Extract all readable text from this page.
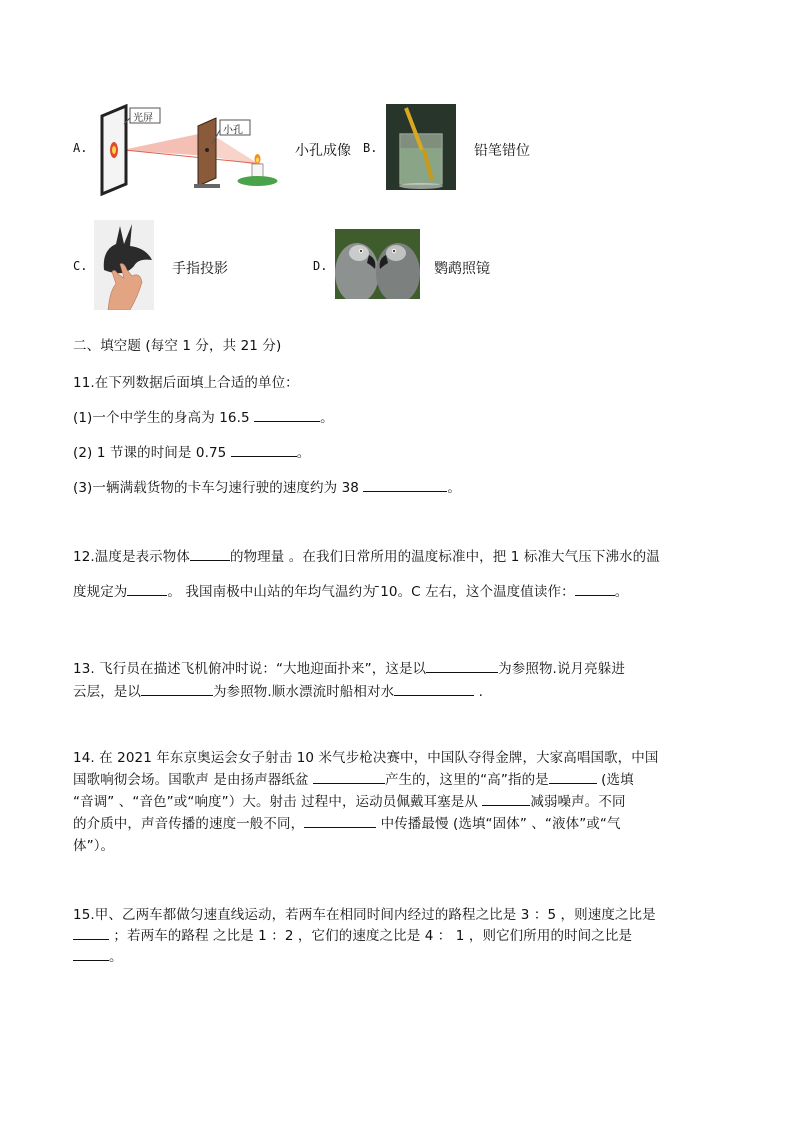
A.
光屏
小孔
小孔成像 B.	铅笔错位
C.	手指投影	D.	鹦鹉照镜
二、填空题 (每空 1 分，共 21 分)
11.在下列数据后面填上合适的单位：
(1)一个中学生的身高为 16.5	。
(2) 1 节课的时间是 0.75	。
(3)一辆满载货物的卡车匀速行驶的速度约为 38	。
12.温度是表示物体	的物理量 。在我们日常所用的温度标准中，把 1 标准大气压下沸水的温
度规定为	。 我国南极中山站的年均气温约为 ̄10。C 左右，这个温度值读作：	。
13. 飞行员在描述飞机俯冲时说：“大地迎面扑来”，这是以	为参照物.说月亮躲进
云层，是以	为参照物.顺水漂流时船相对水	.
14. 在 2021 年东京奥运会女子射击 10 米气步枪决赛中，中国队夺得金牌，大家高唱国歌，中国
国歌响彻会场。国歌声 是由扬声器纸盆	产生的，这里的“高”指的是	(选填
“音调” 、“音色”或“响度”）大。射击 过程中，运动员佩戴耳塞是从	减弱噪声。不同
的介质中，声音传播的速度一般不同，	中传播最慢 (选填“固体” 、“液体”或“气
体”）。
15.甲、乙两车都做匀速直线运动，若两车在相同时间内经过的路程之比是 3 ：5 ，则速度之比是
；若两车的路程 之比是 1 ：2 ，它们的速度之比是 4 ： 1 ，则它们所用的时间之比是
。
